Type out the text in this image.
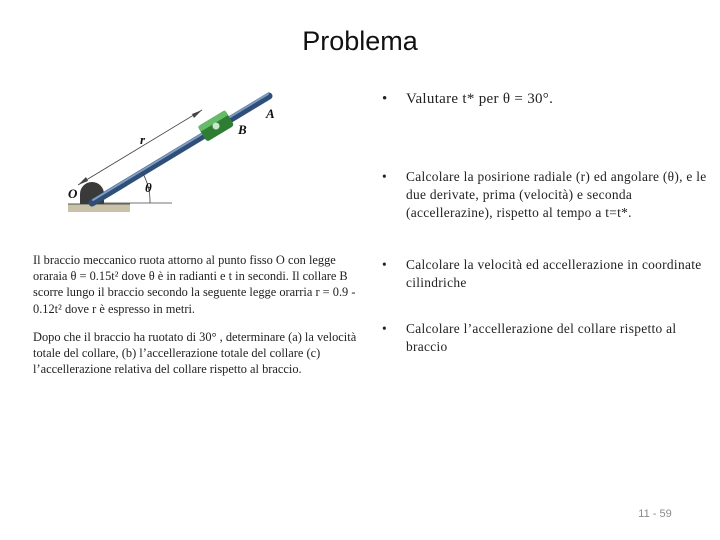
Problema
r
B
A
θ
O

Il braccio meccanico ruota attorno al punto fisso O con legge oraraia θ = 0.15t² dove θ è in radianti e t in secondi. Il collare B scorre lungo il braccio secondo la seguente legge orarria r = 0.9 - 0.12t² dove r è espresso in metri.

Dopo che il braccio ha ruotato di 30° , determinare (a) la velocità totale del collare, (b) l’accellerazione totale del collare (c) l’accellerazione relativa del collare rispetto al braccio.

• Valutare t* per θ = 30°.
• Calcolare la posirione radiale (r) ed angolare (θ), e le due derivate, prima (velocità) e seconda (accellerazine), rispetto al tempo a t=t*.
• Calcolare la velocità ed accellerazione in coordinate cilindriche
• Calcolare l’accellerazione del collare rispetto al braccio
11 - 59
